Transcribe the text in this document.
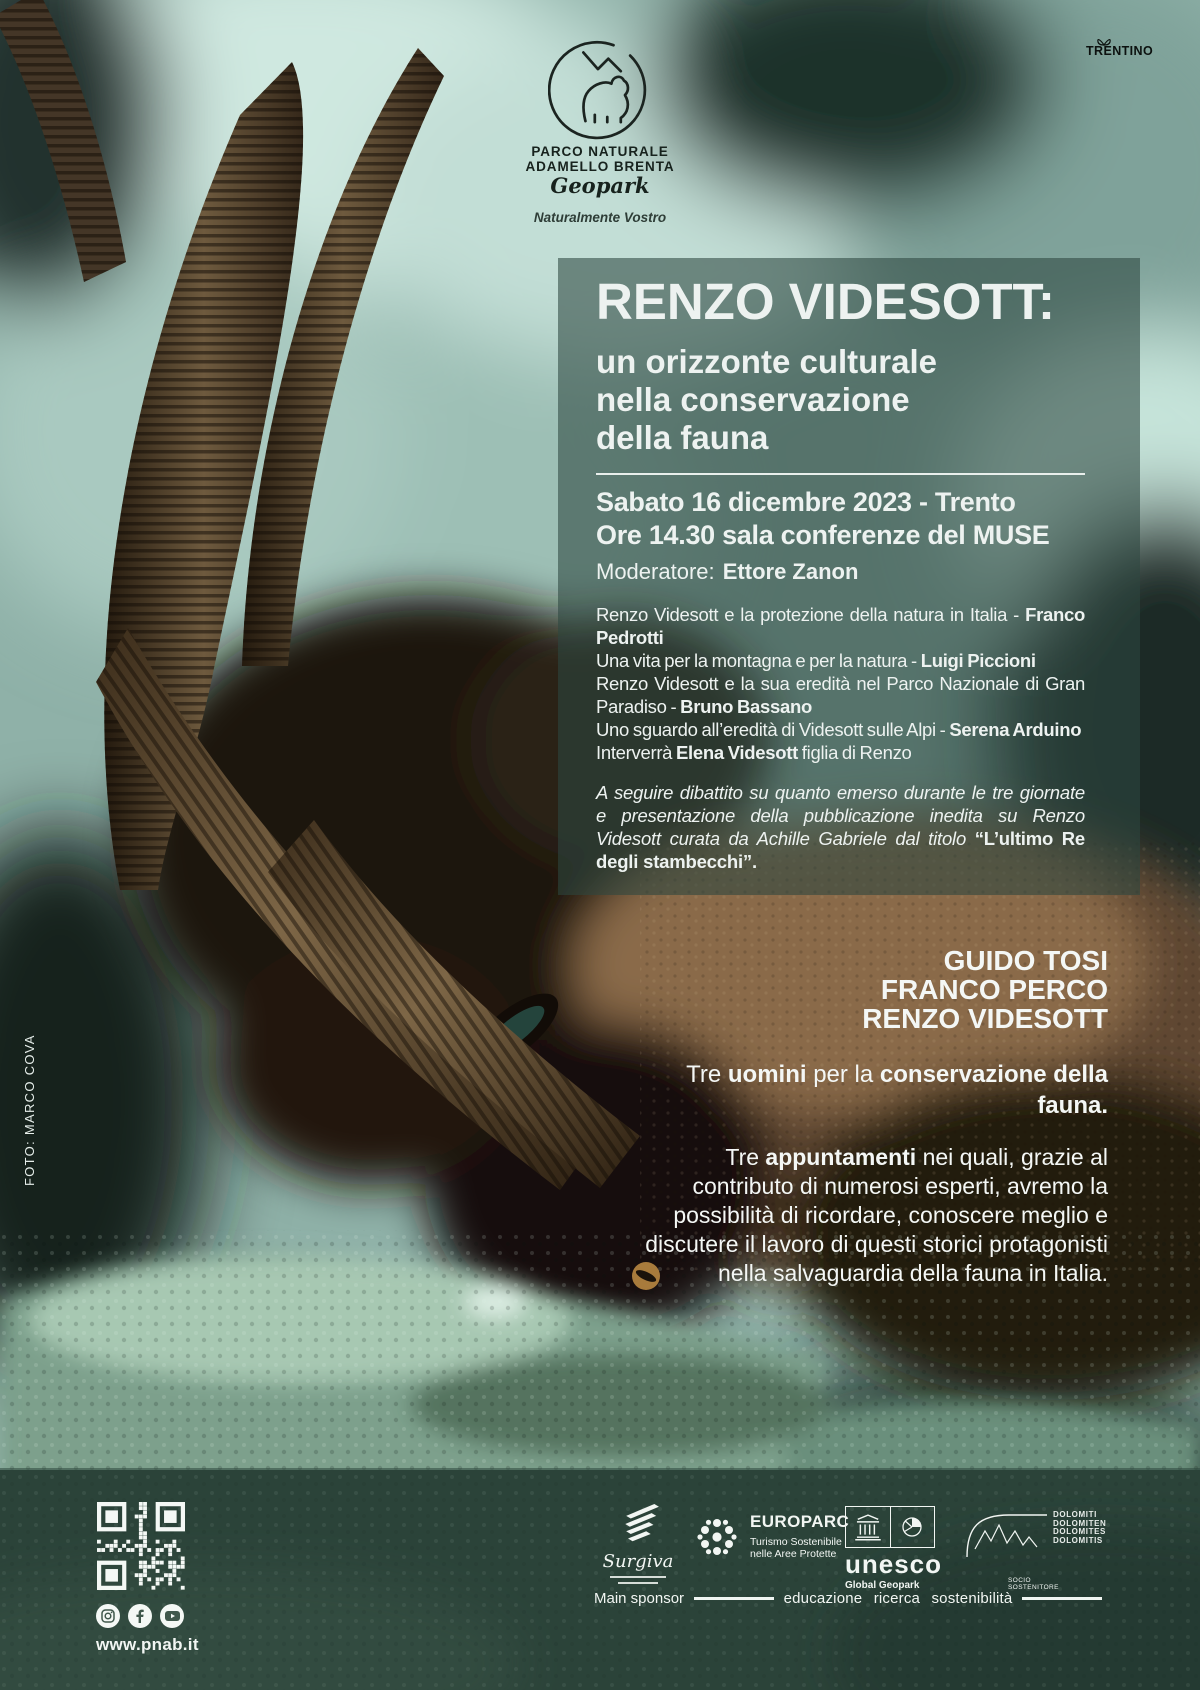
PARCO NATURALE
ADAMELLO BRENTA
Geopark
Naturalmente Vostro
TRENTINO
FOTO: MARCO COVA
RENZO VIDESOTT:
un orizzonte culturale
nella conservazione
della fauna
Sabato 16 dicembre 2023 - Trento
Ore 14.30 sala conferenze del MUSE
Moderatore: Ettore Zanon
Renzo Videsott e la protezione della natura in Italia - Franco Pedrotti
Una vita per la montagna e per la natura - Luigi Piccioni
Renzo Videsott e la sua eredità nel Parco Nazionale di Gran Paradiso - Bruno Bassano
Uno sguardo all’eredità di Videsott sulle Alpi - Serena Arduino
Interverrà Elena Videsott figlia di Renzo

A seguire dibattito su quanto emerso durante le tre giornate e presentazione della pubblicazione inedita su Renzo Videsott curata da Achille Gabriele dal titolo “L’ultimo Re degli stambecchi”.

GUIDO TOSI
FRANCO PERCO
RENZO VIDESOTT
Tre uomini per la conservazione della fauna.
Tre appuntamenti nei quali, grazie al contributo di numerosi esperti, avremo la possibilità di ricordare, conoscere meglio e discutere il lavoro di questi storici protagonisti nella salvaguardia della fauna in Italia.
www.pnab.it
Surgiva
EUROPARC
Turismo Sostenibile
nelle Aree Protette unesco
Global Geopark
DOLOMITI
DOLOMITEN
DOLOMITES
DOLOMITIS
SOCIO SOSTENITORE
Main sponsor	educazione ricerca sostenibilità
